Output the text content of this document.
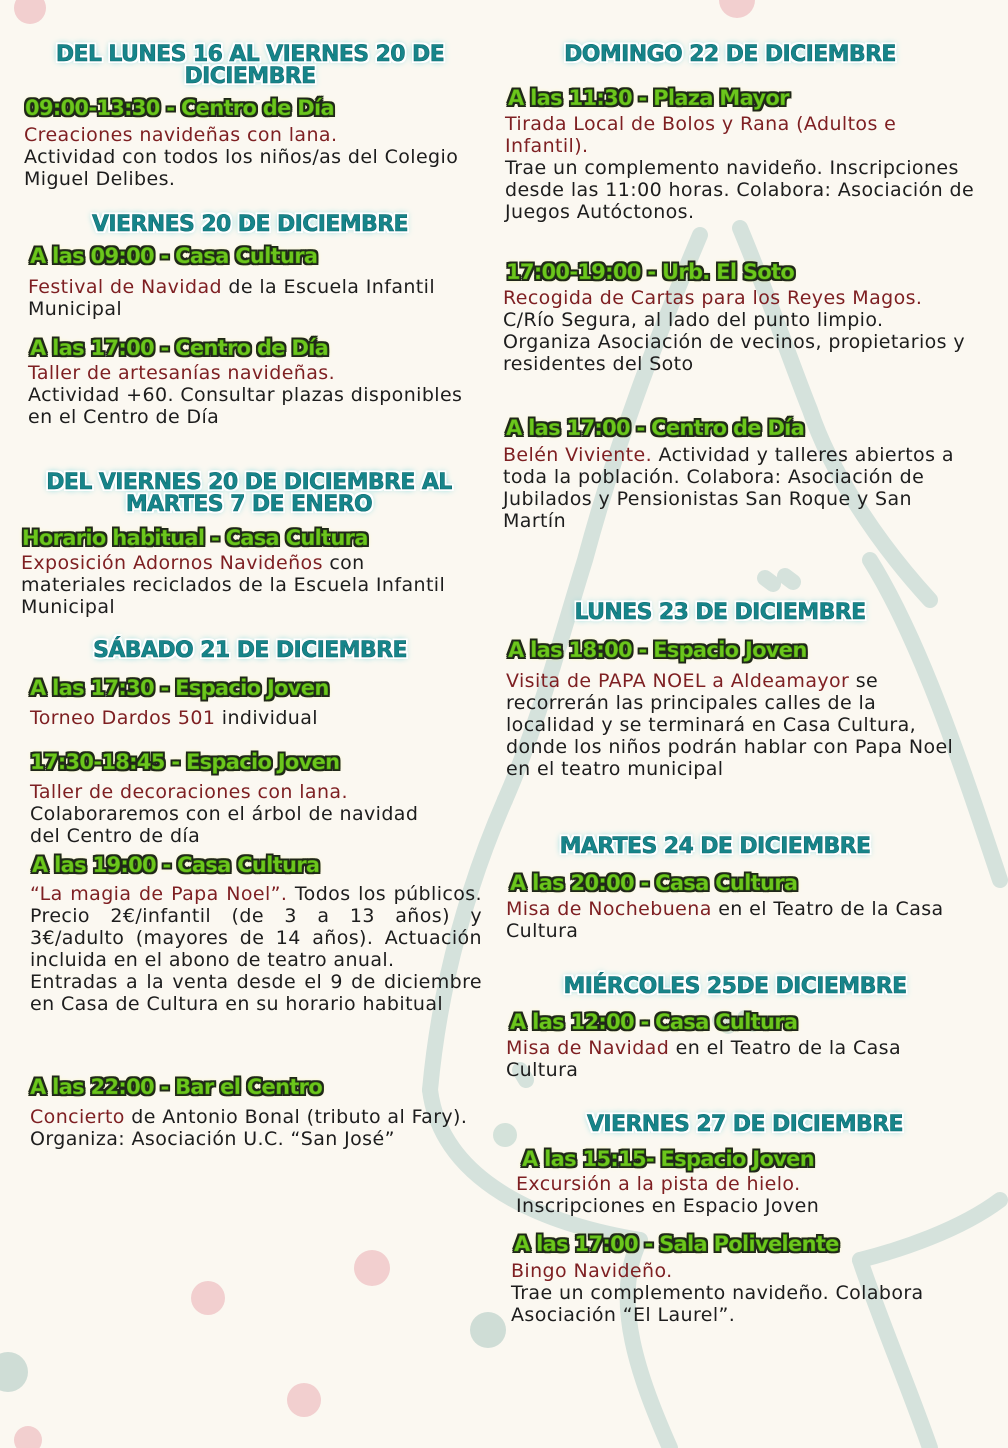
DEL LUNES 16 AL VIERNES 20 DE DICIEMBRE
09:00-13:30 - Centro de Día

Creaciones navideñas con lana.
Actividad con todos los niños/as del Colegio Miguel Delibes.

VIERNES 20 DE DICIEMBRE
A las 09:00 - Casa Cultura

Festival de Navidad de la Escuela Infantil Municipal

A las 17:00 - Centro de Día

Taller de artesanías navideñas.
Actividad +60. Consultar plazas disponibles en el Centro de Día

DEL VIERNES 20 DE DICIEMBRE AL MARTES 7 DE ENERO
Horario habitual - Casa Cultura

Exposición Adornos Navideños con materiales reciclados de la Escuela Infantil Municipal

SÁBADO 21 DE DICIEMBRE
A las 17:30 - Espacio Joven

Torneo Dardos 501 individual

17:30-18:45 - Espacio Joven

Taller de decoraciones con lana.
Colaboraremos con el árbol de navidad del Centro de día

A las 19:00 - Casa Cultura

“La magia de Papa Noel”. Todos los públicos. Precio 2€/infantil (de 3 a 13 años) y 3€/adulto (mayores de 14 años). Actuación incluida en el abono de teatro anual.
Entradas a la venta desde el 9 de diciembre en Casa de Cultura en su horario habitual

A las 22:00 - Bar el Centro

Concierto de Antonio Bonal (tributo al Fary). Organiza: Asociación U.C. “San José”

DOMINGO 22 DE DICIEMBRE
A las 11:30 - Plaza Mayor

Tirada Local de Bolos y Rana (Adultos e Infantil).
Trae un complemento navideño. Inscripciones desde las 11:00 horas. Colabora: Asociación de Juegos Autóctonos.

17:00-19:00 - Urb. El Soto

Recogida de Cartas para los Reyes Magos. C/Río Segura, al lado del punto limpio. Organiza Asociación de vecinos, propietarios y residentes del Soto

A las 17:00 - Centro de Día

Belén Viviente. Actividad y talleres abiertos a toda la población. Colabora: Asociación de Jubilados y Pensionistas San Roque y San Martín

LUNES 23 DE DICIEMBRE
A las 18:00 - Espacio Joven

Visita de PAPA NOEL a Aldeamayor se recorrerán las principales calles de la localidad y se terminará en Casa Cultura, donde los niños podrán hablar con Papa Noel en el teatro municipal

MARTES 24 DE DICIEMBRE
A las 20:00 - Casa Cultura

Misa de Nochebuena en el Teatro de la Casa Cultura

MIÉRCOLES 25DE DICIEMBRE
A las 12:00 - Casa Cultura

Misa de Navidad en el Teatro de la Casa Cultura

VIERNES 27 DE DICIEMBRE
A las 15:15- Espacio Joven

Excursión a la pista de hielo.
Inscripciones en Espacio Joven

A las 17:00 - Sala Polivelente

Bingo Navideño.
Trae un complemento navideño. Colabora Asociación “El Laurel”.
